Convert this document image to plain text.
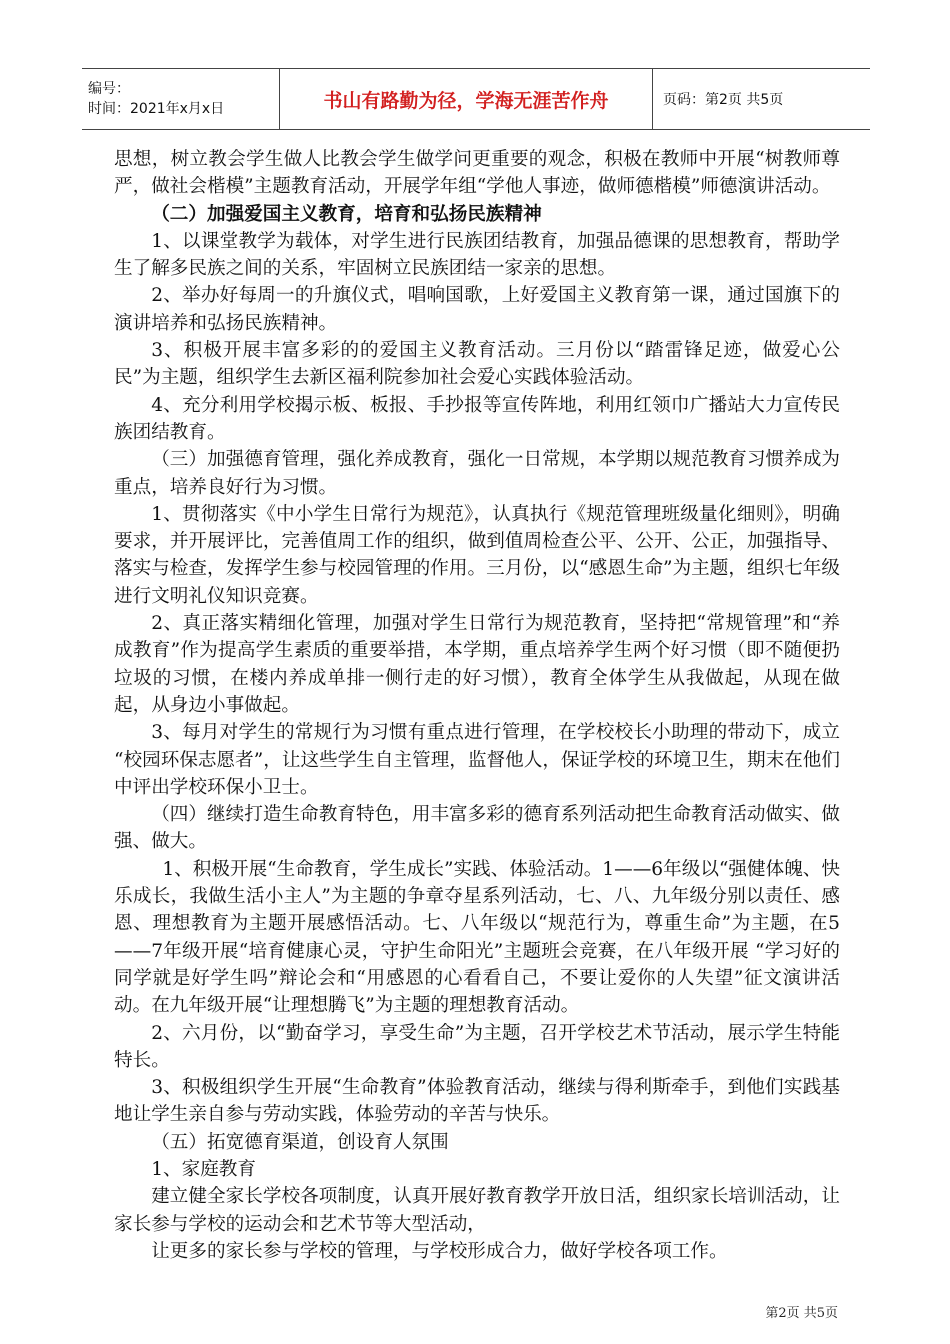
编号：
时间：2021年x月x日	书山有路勤为径，学海无涯苦作舟	页码：第2页 共5页

思想，树立教会学生做人比教会学生做学问更重要的观念，积极在教师中开展“树教师尊严，做社会楷模”主题教育活动，开展学年组“学他人事迹，做师德楷模”师德演讲活动。

（二）加强爱国主义教育，培育和弘扬民族精神

1、以课堂教学为载体，对学生进行民族团结教育，加强品德课的思想教育，帮助学生了解多民族之间的关系，牢固树立民族团结一家亲的思想。

2、举办好每周一的升旗仪式，唱响国歌，上好爱国主义教育第一课，通过国旗下的演讲培养和弘扬民族精神。

3、积极开展丰富多彩的的爱国主义教育活动。三月份以“踏雷锋足迹，做爱心公民”为主题，组织学生去新区福利院参加社会爱心实践体验活动。

4、充分利用学校揭示板、板报、手抄报等宣传阵地，利用红领巾广播站大力宣传民族团结教育。

（三）加强德育管理，强化养成教育，强化一日常规，本学期以规范教育习惯养成为重点，培养良好行为习惯。

1、贯彻落实《中小学生日常行为规范》，认真执行《规范管理班级量化细则》，明确要求，并开展评比，完善值周工作的组织，做到值周检查公平、公开、公正，加强指导、落实与检查，发挥学生参与校园管理的作用。三月份，以“感恩生命”为主题，组织七年级进行文明礼仪知识竞赛。

2、真正落实精细化管理，加强对学生日常行为规范教育，坚持把“常规管理”和“养成教育”作为提高学生素质的重要举措，本学期，重点培养学生两个好习惯（即不随便扔垃圾的习惯，在楼内养成单排一侧行走的好习惯），教育全体学生从我做起，从现在做起，从身边小事做起。

3、每月对学生的常规行为习惯有重点进行管理，在学校校长小助理的带动下，成立 “校园环保志愿者”，让这些学生自主管理，监督他人，保证学校的环境卫生，期末在他们中评出学校环保小卫士。

（四）继续打造生命教育特色，用丰富多彩的德育系列活动把生命教育活动做实、做强、做大。

1、积极开展“生命教育，学生成长”实践、体验活动。1——6年级以“强健体魄、快乐成长，我做生活小主人”为主题的争章夺星系列活动，七、八、九年级分别以责任、感恩、理想教育为主题开展感悟活动。七、八年级以“规范行为，尊重生命”为主题，在5——7年级开展“培育健康心灵，守护生命阳光”主题班会竞赛，在八年级开展 “学习好的同学就是好学生吗”辩论会和“用感恩的心看看自己，不要让爱你的人失望”征文演讲活动。在九年级开展“让理想腾飞”为主题的理想教育活动。

2、六月份，以“勤奋学习，享受生命”为主题，召开学校艺术节活动，展示学生特能特长。

3、积极组织学生开展“生命教育”体验教育活动，继续与得利斯牵手，到他们实践基地让学生亲自参与劳动实践，体验劳动的辛苦与快乐。

（五）拓宽德育渠道，创设育人氛围

1、家庭教育

建立健全家长学校各项制度，认真开展好教育教学开放日活，组织家长培训活动，让家长参与学校的运动会和艺术节等大型活动，

让更多的家长参与学校的管理，与学校形成合力，做好学校各项工作。

第2页 共5页
